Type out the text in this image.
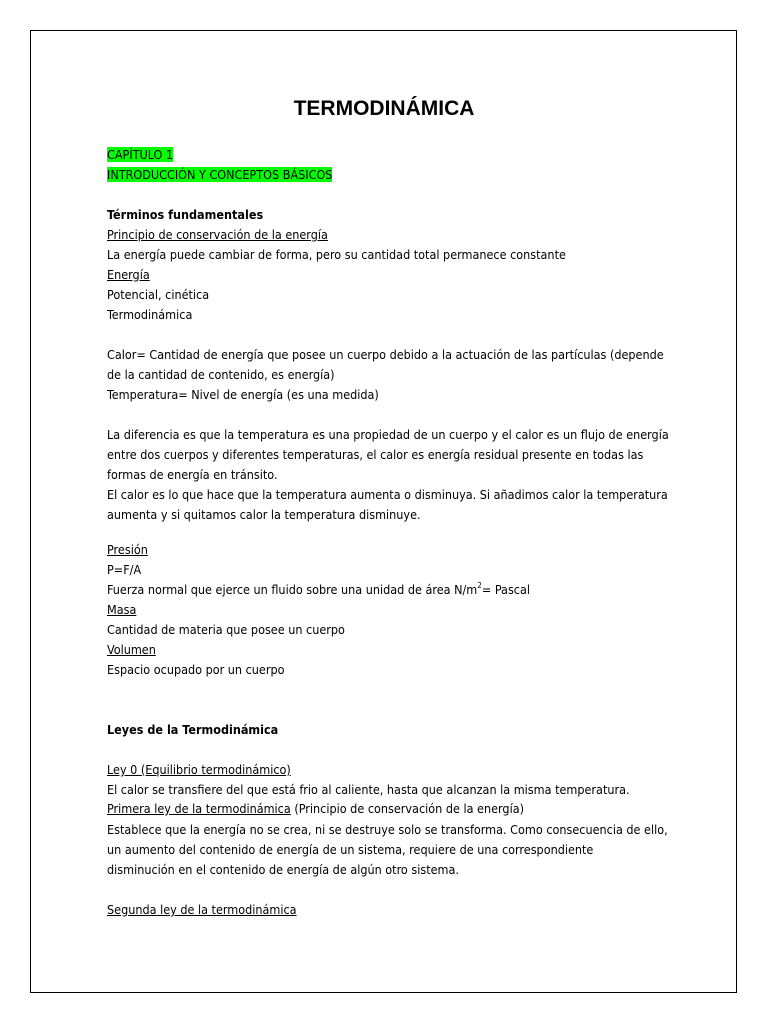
TERMODINÁMICA

CAPÍTULO 1

INTRODUCCIÓN Y CONCEPTOS BÁSICOS

Términos fundamentales

Principio de conservación de la energía

La energía puede cambiar de forma, pero su cantidad total permanece constante

Energía

Potencial, cinética

Termodinámica

Calor= Cantidad de energía que posee un cuerpo debido a la actuación de las partículas (depende

de la cantidad de contenido, es energía)

Temperatura= Nivel de energía (es una medida)

La diferencia es que la temperatura es una propiedad de un cuerpo y el calor es un flujo de energía

entre dos cuerpos y diferentes temperaturas, el calor es energía residual presente en todas las

formas de energía en tránsito.

El calor es lo que hace que la temperatura aumenta o disminuya. Si añadimos calor la temperatura

aumenta y si quitamos calor la temperatura disminuye.

Presión

P=F/A

Fuerza normal que ejerce un fluido sobre una unidad de área $N/m^2=$ Pascal

Masa

Cantidad de materia que posee un cuerpo

Volumen

Espacio ocupado por un cuerpo

Leyes de la Termodinámica

Ley 0 (Equilibrio termodinámico)

El calor se transfiere del que está frio al caliente, hasta que alcanzan la misma temperatura.

Primera ley de la termodinámica (Principio de conservación de la energía)

Establece que la energía no se crea, ni se destruye solo se transforma. Como consecuencia de ello,

un aumento del contenido de energía de un sistema, requiere de una correspondiente

disminución en el contenido de energía de algún otro sistema.

Segunda ley de la termodinámica
